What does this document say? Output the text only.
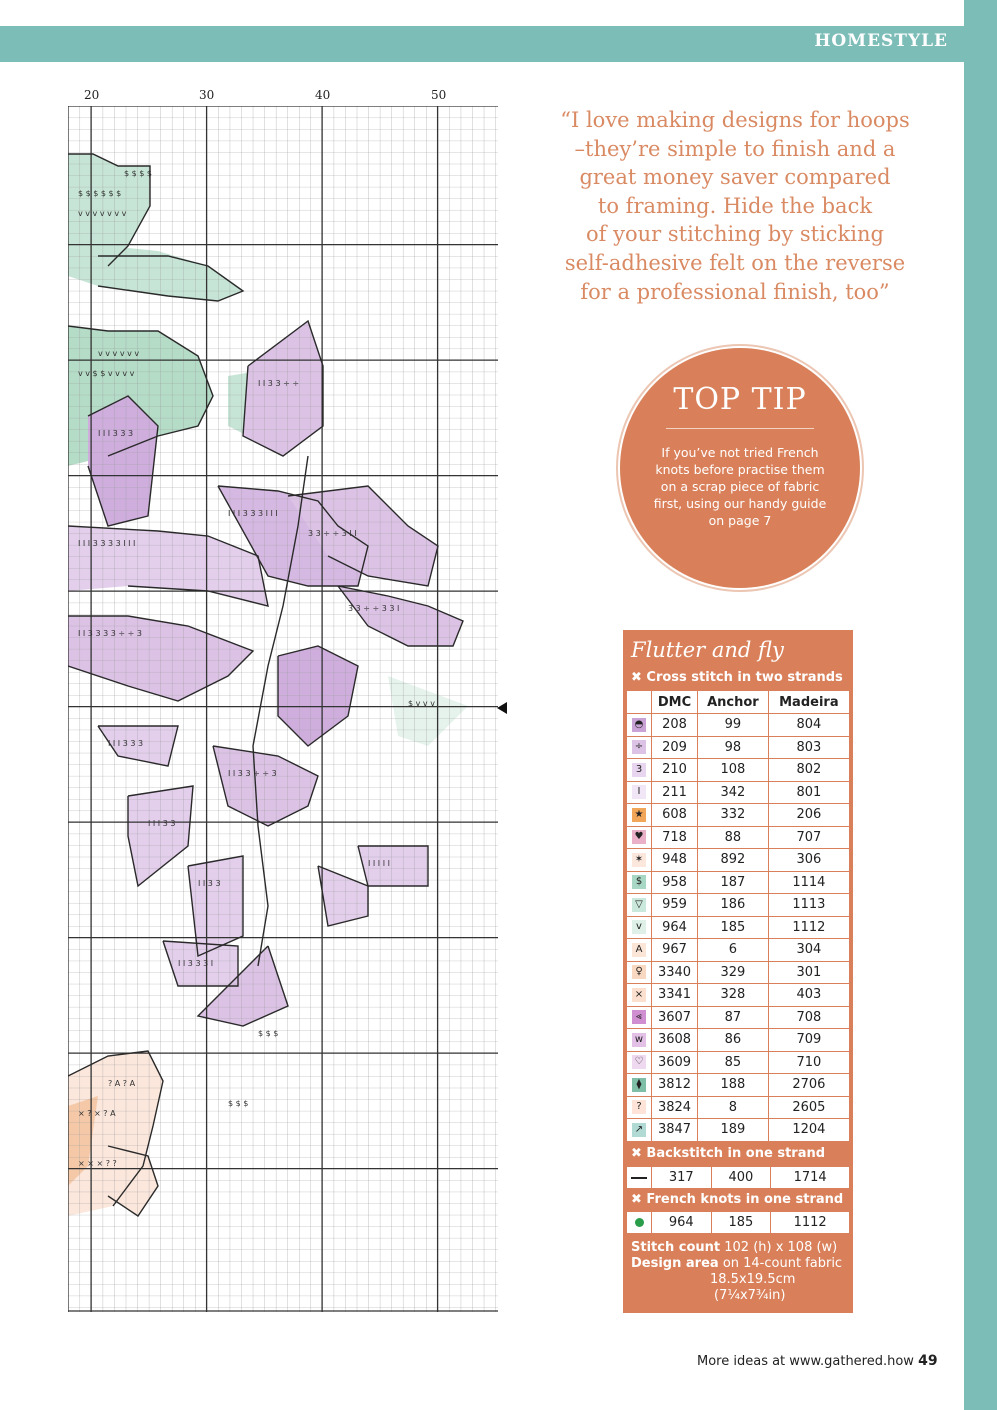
HOMESTYLE
20	30	40	50
$ $ $ $
$ $ $ $ $ $
v v v v v v v
v v v v v v
v v $ $ v v v v
I I I 3 3 3
I I 3 3 ÷ ÷
I I I 3 3 3 3 I I I
I I I 3 3 3 I I I
3 3 ÷ ÷ 3 I I
I I 3 3 3 3 ÷ ÷ 3
3 3 ÷ ÷ 3 3 I
I I I 3 3 3
I I 3 3 ÷ ÷ 3
I I I 3 3
I I I I I
I I 3 3
I I 3 3 3 I
? A ? A
× ? × ? A
× × × ? ?
$ $ $
$ $ $
$ v v v
“I love making designs for hoops
–they’re simple to finish and a
great money saver compared
to framing. Hide the back
of your stitching by sticking
self-adhesive felt on the reverse
for a professional finish, too”
TOP TIP
If you’ve not tried French knots before practise them on a scrap piece of fabric first, using our handy guide on page 7
Flutter and fly
✖ Cross stitch in two strands
	DMC	Anchor	Madeira
◓	208	99	804
÷	209	98	803
3	210	108	802
I	211	342	801
★	608	332	206
♥	718	88	707
✶	948	892	306
$	958	187	1114
▽	959	186	1113
v	964	185	1112
A	967	6	304
♀	3340	329	301
×	3341	328	403
⪡	3607	87	708
w	3608	86	709
♡	3609	85	710
⧫	3812	188	2706
?	3824	8	2605
↗	3847	189	1204
✖ Backstitch in one strand
	317	400	1714
✖ French knots in one strand
	964	185	1112
Stitch count 102 (h) x 108 (w)
Design area on 14-count fabric
18.5x19.5cm
(7¼x7¾in)
More ideas at www.gathered.how 49
